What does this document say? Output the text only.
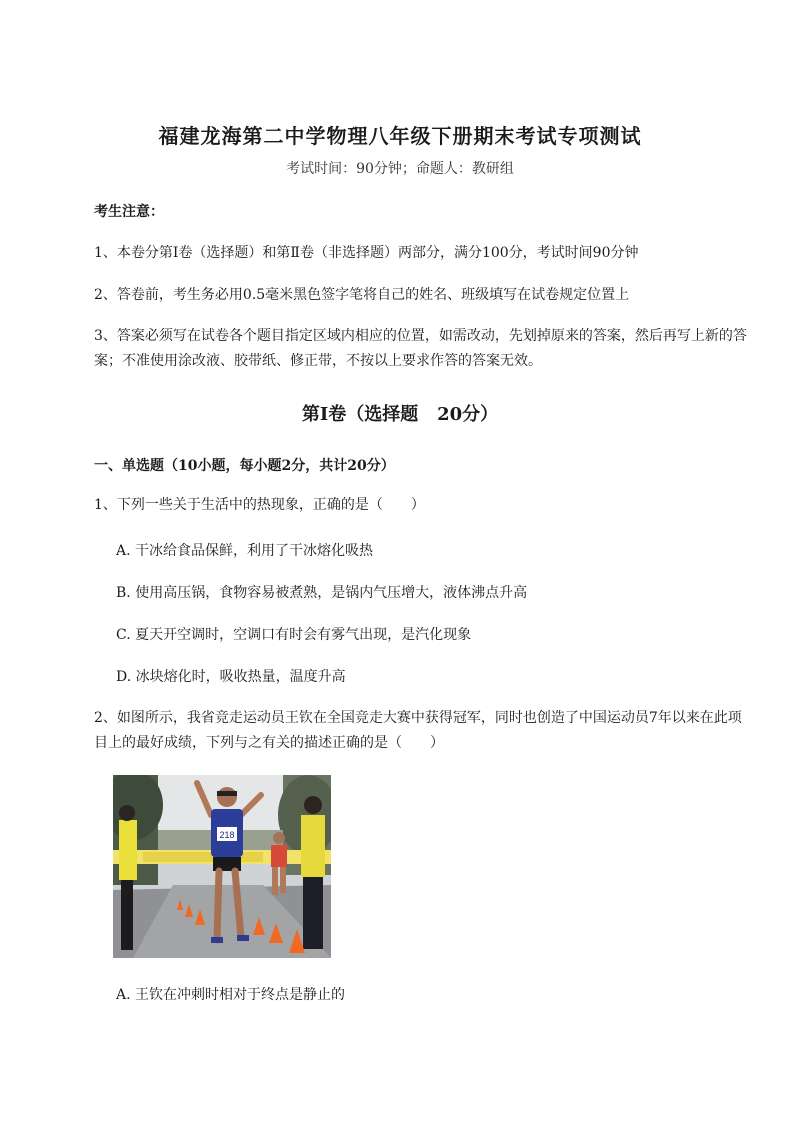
福建龙海第二中学物理八年级下册期末考试专项测试
考试时间：90分钟；命题人：教研组
考生注意：
1、本卷分第I卷（选择题）和第Ⅱ卷（非选择题）两部分，满分100分，考试时间90分钟
2、答卷前，考生务必用0.5毫米黑色签字笔将自己的姓名、班级填写在试卷规定位置上
3、答案必须写在试卷各个题目指定区域内相应的位置，如需改动，先划掉原来的答案，然后再写上新的答案；不准使用涂改液、胶带纸、修正带，不按以上要求作答的答案无效。
第I卷（选择题   20分）
一、单选题（10小题，每小题2分，共计20分）
1、下列一些关于生活中的热现象，正确的是（　　）
A. 干冰给食品保鲜，利用了干冰熔化吸热
B. 使用高压锅，食物容易被煮熟，是锅内气压增大，液体沸点升高
C. 夏天开空调时，空调口有时会有雾气出现，是汽化现象
D. 冰块熔化时，吸收热量，温度升高
2、如图所示，我省竞走运动员王钦在全国竞走大赛中获得冠军，同时也创造了中国运动员7年以来在此项目上的最好成绩，下列与之有关的描述正确的是（　　）
218
A. 王钦在冲刺时相对于终点是静止的
